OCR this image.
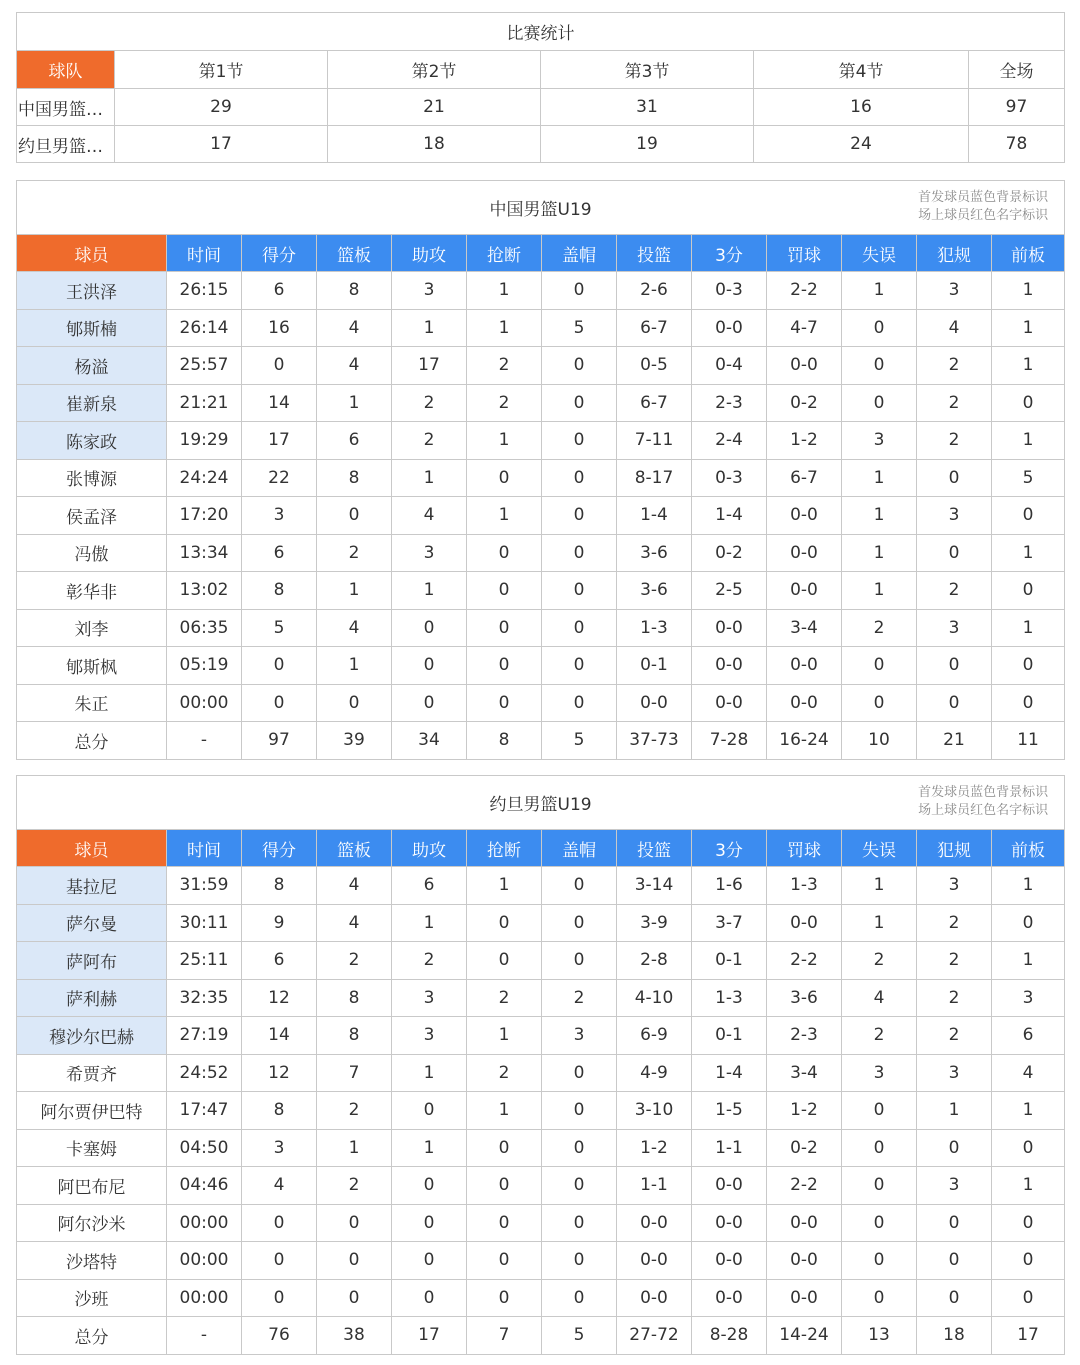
比赛统计					
球队	第1节	第2节	第3节	第4节	全场
中国男篮…	29	21	31	16	97
约旦男篮…	17	18	19	24	78
中国男篮U19
首发球员蓝色背景标识
场上球员红色名字标识												

球员	时间	得分	篮板	助攻	抢断	盖帽	投篮	3分	罚球	失误	犯规	前板
王洪泽	26:15	6	8	3	1	0	2-6	0-3	2-2	1	3	1
郇斯楠	26:14	16	4	1	1	5	6-7	0-0	4-7	0	4	1
杨溢	25:57	0	4	17	2	0	0-5	0-4	0-0	0	2	1
崔新泉	21:21	14	1	2	2	0	6-7	2-3	0-2	0	2	0
陈家政	19:29	17	6	2	1	0	7-11	2-4	1-2	3	2	1
张博源	24:24	22	8	1	0	0	8-17	0-3	6-7	1	0	5
侯孟泽	17:20	3	0	4	1	0	1-4	1-4	0-0	1	3	0
冯傲	13:34	6	2	3	0	0	3-6	0-2	0-0	1	0	1
彰华非	13:02	8	1	1	0	0	3-6	2-5	0-0	1	2	0
刘李	06:35	5	4	0	0	0	1-3	0-0	3-4	2	3	1
郇斯枫	05:19	0	1	0	0	0	0-1	0-0	0-0	0	0	0
朱正	00:00	0	0	0	0	0	0-0	0-0	0-0	0	0	0
总分	-	97	39	34	8	5	37-73	7-28	16-24	10	21	11
约旦男篮U19
首发球员蓝色背景标识
场上球员红色名字标识												

球员	时间	得分	篮板	助攻	抢断	盖帽	投篮	3分	罚球	失误	犯规	前板
基拉尼	31:59	8	4	6	1	0	3-14	1-6	1-3	1	3	1
萨尔曼	30:11	9	4	1	0	0	3-9	3-7	0-0	1	2	0
萨阿布	25:11	6	2	2	0	0	2-8	0-1	2-2	2	2	1
萨利赫	32:35	12	8	3	2	2	4-10	1-3	3-6	4	2	3
穆沙尔巴赫	27:19	14	8	3	1	3	6-9	0-1	2-3	2	2	6
希贾齐	24:52	12	7	1	2	0	4-9	1-4	3-4	3	3	4
阿尔贾伊巴特	17:47	8	2	0	1	0	3-10	1-5	1-2	0	1	1
卡塞姆	04:50	3	1	1	0	0	1-2	1-1	0-2	0	0	0
阿巴布尼	04:46	4	2	0	0	0	1-1	0-0	2-2	0	3	1
阿尔沙米	00:00	0	0	0	0	0	0-0	0-0	0-0	0	0	0
沙塔特	00:00	0	0	0	0	0	0-0	0-0	0-0	0	0	0
沙班	00:00	0	0	0	0	0	0-0	0-0	0-0	0	0	0
总分	-	76	38	17	7	5	27-72	8-28	14-24	13	18	17
